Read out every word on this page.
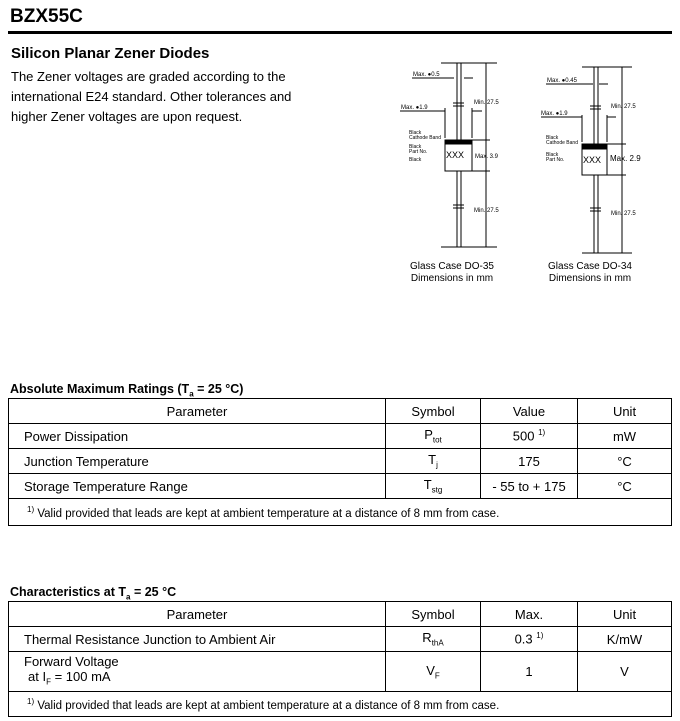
BZX55C
Silicon Planar Zener Diodes
The Zener voltages are graded according to the international E24 standard. Other tolerances and higher Zener voltages are upon request.
Max. ●0.5
Max. ●1.9
Min. 27.5
Max. 3.9
Min. 27.5
Black
Cathode Band
Black
Part No.
Black	XXX
Glass Case DO-35
Dimensions in mm
Max. ●0.45
Max. ●1.9
Min. 27.5
Max. 2.9
Min. 27.5
Black
Cathode Band
Black
Part No. XXX
Glass Case DO-34
Dimensions in mm
Absolute Maximum Ratings ($T_a = 25$ °C)
Parameter	Symbol	Value	Unit
Power Dissipation	$P_{tot}$	500 $^{1)}$	mW
Junction Temperature	$T_j$	175	°C
Storage Temperature Range	$T_{stg}$	- 55 to + 175	°C
$^{1)}$ Valid provided that leads are kept at ambient temperature at a distance of 8 mm from case.			
Characteristics at $T_a = 25$ °C
Parameter	Symbol	Max.	Unit
Thermal Resistance Junction to Ambient Air	$R_{thA}$	0.3 $^{1)}$	K/mW

Forward Voltage
at $I_F = 100$ mA	$V_F$	1	V
$^{1)}$ Valid provided that leads are kept at ambient temperature at a distance of 8 mm from case.			
